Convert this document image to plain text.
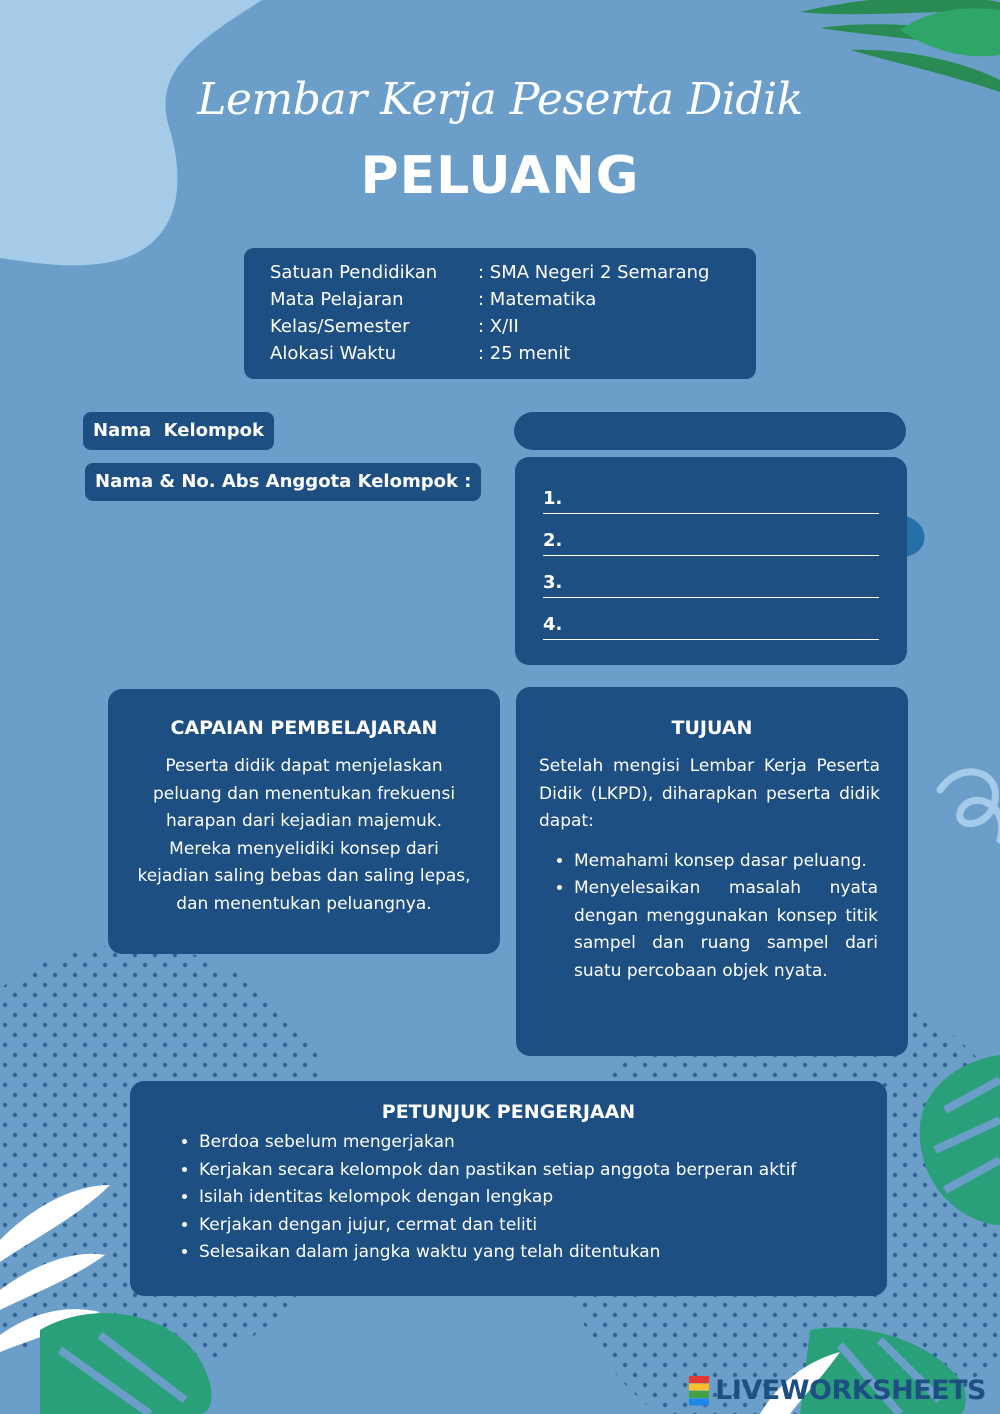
Lembar Kerja Peserta Didik
PELUANG
Satuan Pendidikan	: SMA Negeri 2 Semarang
Mata Pelajaran	: Matematika
Kelas/Semester	: X/II
Alokasi Waktu	: 25 menit
Nama  Kelompok
Nama & No. Abs Anggota Kelompok :
1.
2.
3.
4.
CAPAIAN PEMBELAJARAN
Peserta didik dapat menjelaskan peluang dan menentukan frekuensi harapan dari kejadian majemuk. Mereka menyelidiki konsep dari kejadian saling bebas dan saling lepas, dan menentukan peluangnya.
TUJUAN
Setelah mengisi Lembar Kerja Peserta Didik (LKPD), diharapkan peserta didik dapat:
• Memahami konsep dasar peluang.
• Menyelesaikan masalah nyata dengan menggunakan konsep titik sampel dan ruang sampel dari suatu percobaan objek nyata.
PETUNJUK PENGERJAAN
• Berdoa sebelum mengerjakan
• Kerjakan secara kelompok dan pastikan setiap anggota berperan aktif
• Isilah identitas kelompok dengan lengkap
• Kerjakan dengan jujur, cermat dan teliti
• Selesaikan dalam jangka waktu yang telah ditentukan
LIVEWORKSHEETS
